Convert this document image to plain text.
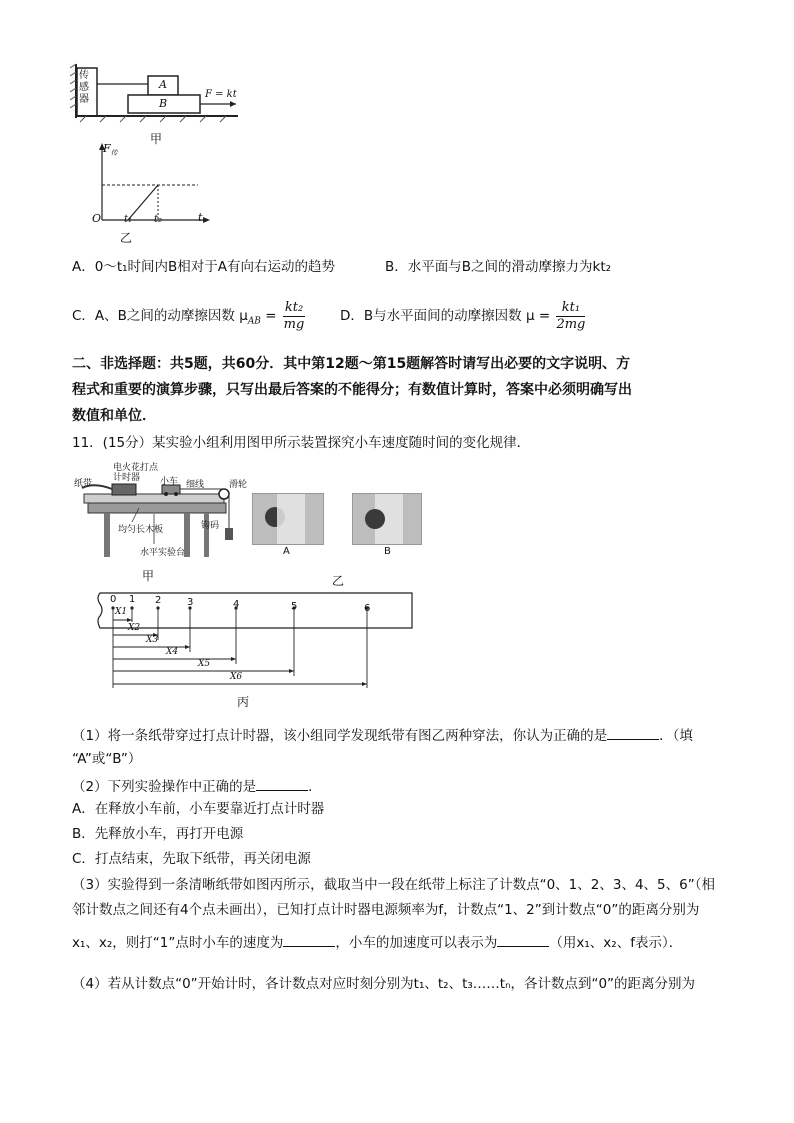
传感器
A
B
F = kt
甲
$F_传$
O t₁ t₂	t
乙
A．0～t₁时间内B相对于A有向右运动的趋势	B．水平面与B之间的滑动摩擦力为kt₂
C．A、B之间的动摩擦因数 $\mu_{AB} = \frac{\text{kt₂}}{mg}$	D．B与水平面间的动摩擦因数 $\mu = \frac{\text{kt₁}}{2mg}$
二、非选择题：共5题，共60分．其中第12题～第15题解答时请写出必要的文字说明、方
程式和重要的演算步骤，只写出最后答案的不能得分；有数值计算时，答案中必须明确写出
数值和单位．
11．(15分）某实验小组利用图甲所示装置探究小车速度随时间的变化规律．
纸带
电火花打点
计时器	小车 细线	滑轮
均匀长木板	钩码
水平实验台
甲
A	B
乙
0 1 2	3	4	5	6
X1
X2
X3
X4
X5
X6
丙
（1）将一条纸带穿过打点计时器，该小组同学发现纸带有图乙两种穿法，你认为正确的是	．（填
“A”或“B”）
（2）下列实验操作中正确的是	．
A．在释放小车前，小车要靠近打点计时器
B．先释放小车，再打开电源
C．打点结束，先取下纸带，再关闭电源
（3）实验得到一条清晰纸带如图丙所示，截取当中一段在纸带上标注了计数点“0、1、2、3、4、5、6”（相
邻计数点之间还有4个点未画出），已知打点计时器电源频率为f，计数点“1、2”到计数点“0”的距离分别为
x₁、x₂，则打“1”点时小车的速度为	，小车的加速度可以表示为	（用x₁、x₂、f表示）．
（4）若从计数点“0”开始计时，各计数点对应时刻分别为t₁、t₂、t₃……tₙ，各计数点到“0”的距离分别为
